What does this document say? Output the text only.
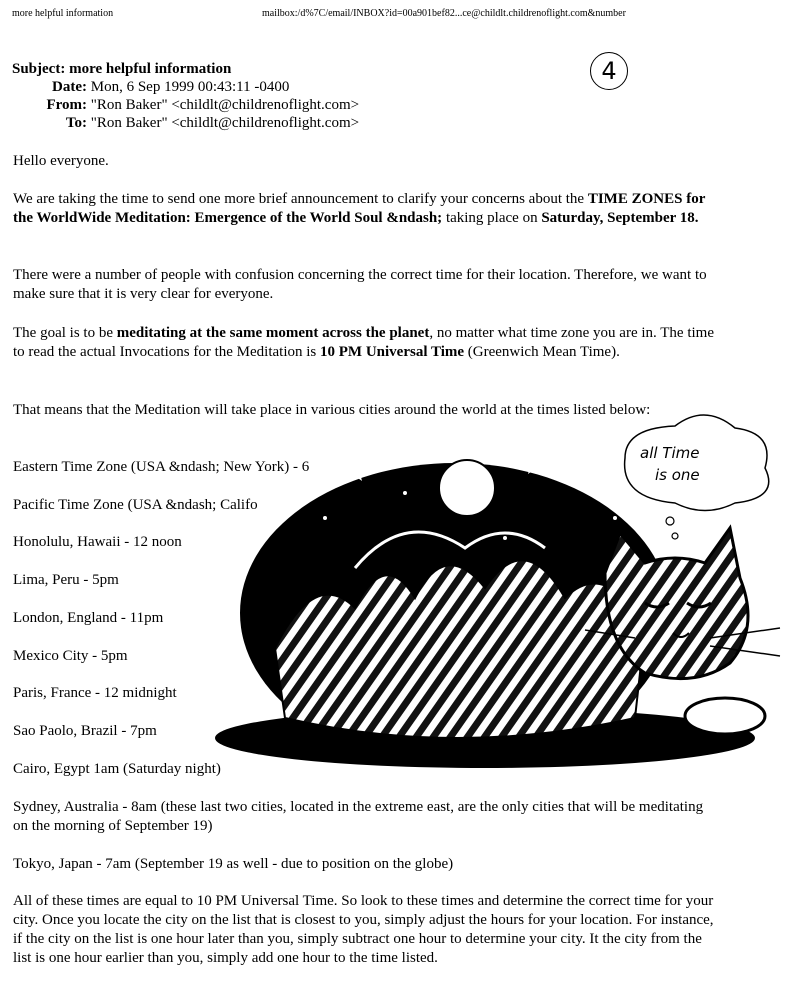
more helpful information	mailbox:/d%7C/email/INBOX?id=00a901bef82...ce@childlt.childrenoflight.com&number
Subject: more helpful information
Date: Mon, 6 Sep 1999 00:43:11 -0400
From: "Ron Baker" <childlt@childrenoflight.com>
To: "Ron Baker" <childlt@childrenoflight.com>
4

Hello everyone.

We are taking the time to send one more brief announcement to clarify your concerns about the TIME ZONES for the WorldWide Meditation: Emergence of the World Soul &ndash; taking place on Saturday, September 18.

There were a number of people with confusion concerning the correct time for their location. Therefore, we want to make sure that it is very clear for everyone.

The goal is to be meditating at the same moment across the planet, no matter what time zone you are in. The time to read the actual Invocations for the Meditation is 10 PM Universal Time (Greenwich Mean Time).

That means that the Meditation will take place in various cities around the world at the times listed below:

Eastern Time Zone (USA &ndash; New York) - 6

Pacific Time Zone (USA &ndash; Califo

Honolulu, Hawaii - 12 noon

Lima, Peru - 5pm

London, England - 11pm

Mexico City - 5pm

Paris, France - 12 midnight

Sao Paolo, Brazil - 7pm

Cairo, Egypt 1am (Saturday night)

all Time
is one

Sydney, Australia - 8am (these last two cities, located in the extreme east, are the only cities that will be meditating on the morning of September 19)

Tokyo, Japan - 7am (September 19 as well - due to position on the globe)

All of these times are equal to 10 PM Universal Time. So look to these times and determine the correct time for your city. Once you locate the city on the list that is closest to you, simply adjust the hours for your location. For instance, if the city on the list is one hour later than you, simply subtract one hour to determine your city. It the city from the list is one hour earlier than you, simply add one hour to the time listed.
